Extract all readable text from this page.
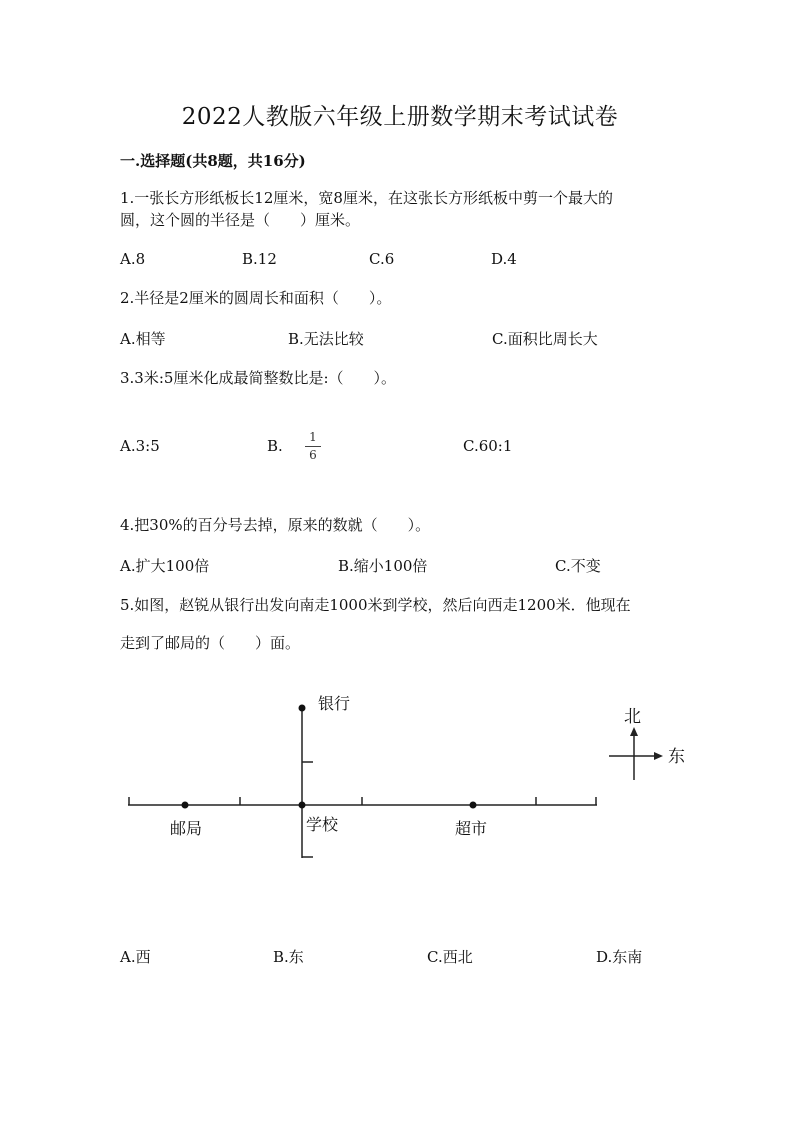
2022人教版六年级上册数学期末考试试卷
一.选择题(共8题，共16分)
1.一张长方形纸板长12厘米，宽8厘米，在这张长方形纸板中剪一个最大的
圆，这个圆的半径是（　　）厘米。
A.8	B.12	C.6	D.4
2.半径是2厘米的圆周长和面积（　　）。
A.相等	B.无法比较	C.面积比周长大
3.3米:5厘米化成最简整数比是:（　　）。
A.3:5	B.	1
6	C.60:1
4.把30%的百分号去掉，原来的数就（　　）。
A.扩大100倍	B.缩小100倍	C.不变
5.如图，赵锐从银行出发向南走1000米到学校，然后向西走1200米．他现在
走到了邮局的（　　）面。
银行
邮局	学校	超市
北
东
A.西	B.东	C.西北	D.东南
